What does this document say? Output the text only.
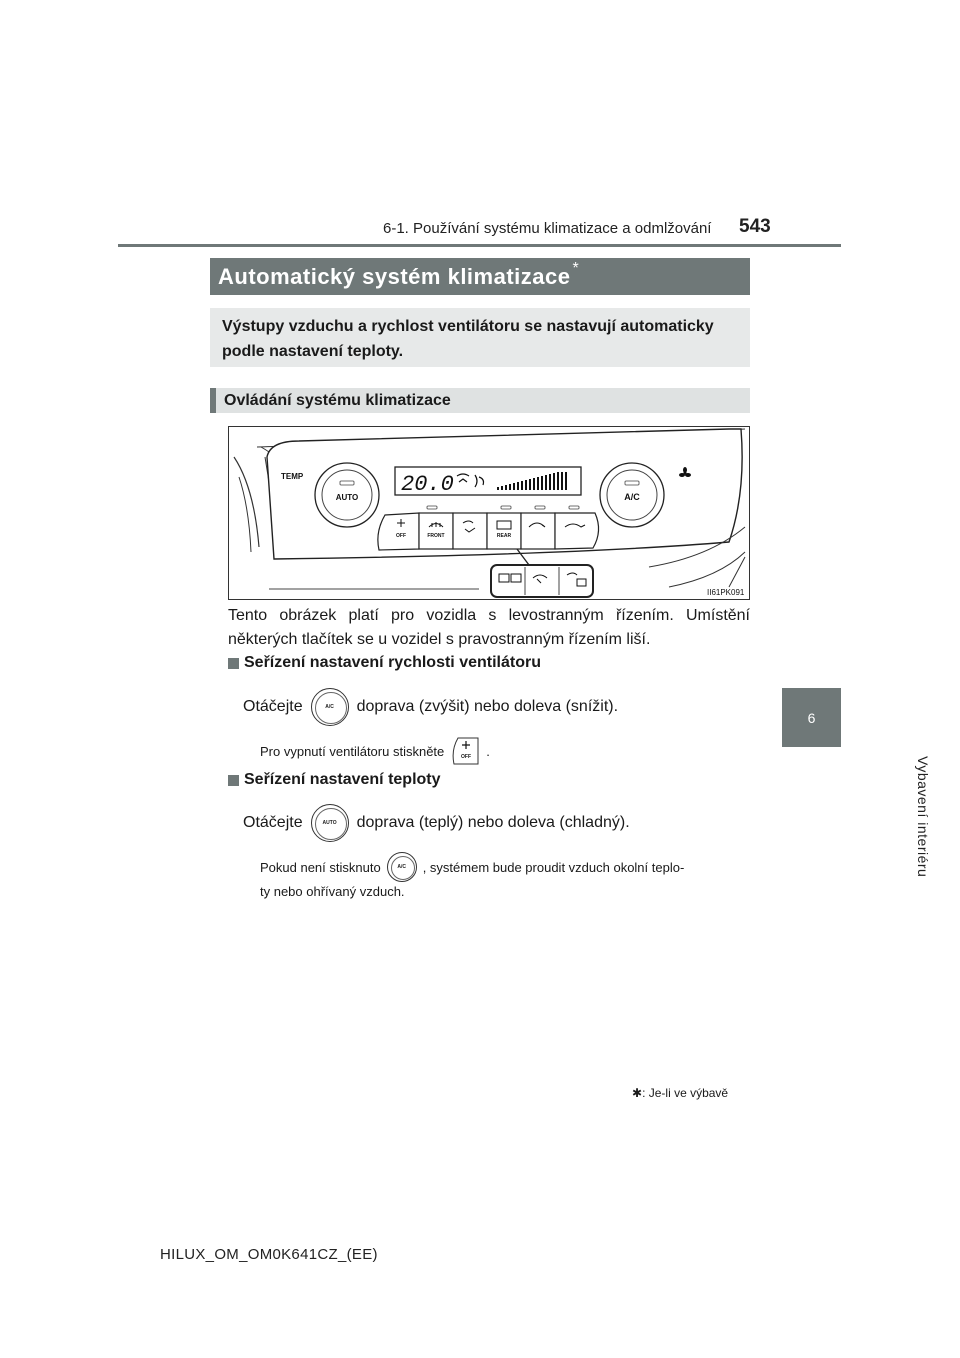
6-1. Používání systému klimatizace a odmlžování 543
6
Vybavení interiéru
Automatický systém klimatizace *
Výstupy vzduchu a rychlost ventilátoru se nastavují automaticky podle nastavení teploty.
Ovládání systému klimatizace
TEMP
AUTO	A/C
20.0
OFF	FRONT	REAR
II61PK091
Tento obrázek platí pro vozidla s levostranným řízením. Umístění některých tlačítek se u vozidel s pravostranným řízením liší.
Seřízení nastavení rychlosti ventilátoru
Otáčejte	A/C	doprava (zvýšit) nebo doleva (snížit).
Pro vypnutí ventilátoru stiskněte	OFF .
Seřízení nastavení teploty
Otáčejte	AUTO	doprava (teplý) nebo doleva (chladný).
Pokud není stisknuto	A/C	, systémem bude proudit vzduch okolní teplo-
ty nebo ohřívaný vzduch.
✱: Je-li ve výbavě
HILUX_OM_OM0K641CZ_(EE)
